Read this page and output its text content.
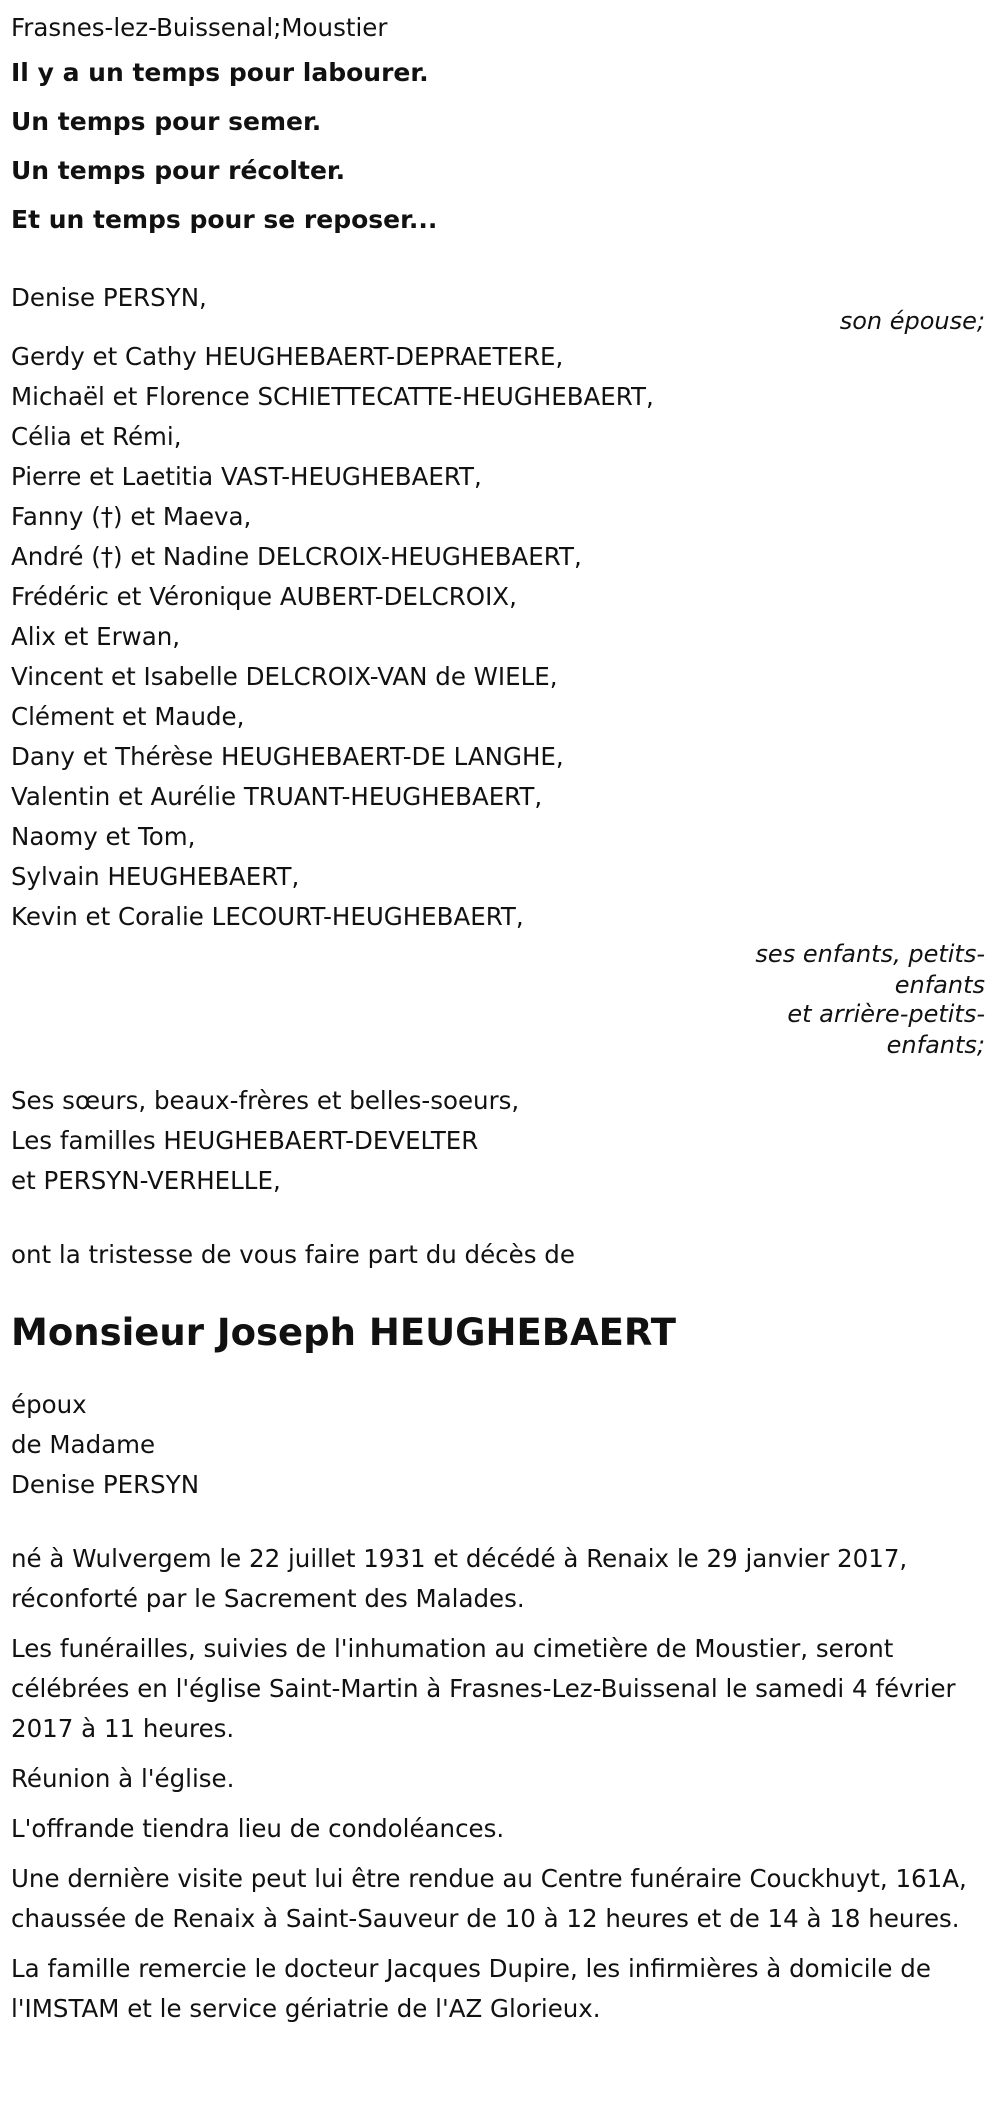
Frasnes-lez-Buissenal;Moustier
Il y a un temps pour labourer.
Un temps pour semer.
Un temps pour récolter.
Et un temps pour se reposer...
Denise PERSYN,
son épouse;
Gerdy et Cathy HEUGHEBAERT-DEPRAETERE,
Michaël et Florence SCHIETTECATTE-HEUGHEBAERT,
Célia et Rémi,
Pierre et Laetitia VAST-HEUGHEBAERT,
Fanny (†) et Maeva,
André (†) et Nadine DELCROIX-HEUGHEBAERT,
Frédéric et Véronique AUBERT-DELCROIX,
Alix et Erwan,
Vincent et Isabelle DELCROIX-VAN de WIELE,
Clément et Maude,
Dany et Thérèse HEUGHEBAERT-DE LANGHE,
Valentin et Aurélie TRUANT-HEUGHEBAERT,
Naomy et Tom,
Sylvain HEUGHEBAERT,
Kevin et Coralie LECOURT-HEUGHEBAERT,
ses enfants, petits-enfants
et arrière-petits-enfants;
Ses sœurs, beaux-frères et belles-soeurs,
Les familles HEUGHEBAERT-DEVELTER
et PERSYN-VERHELLE,
ont la tristesse de vous faire part du décès de
Monsieur Joseph HEUGHEBAERT
époux
de Madame
Denise PERSYN

né à Wulvergem le 22 juillet 1931 et décédé à Renaix le 29 janvier 2017, réconforté par le Sacrement des Malades.

Les funérailles, suivies de l'inhumation au cimetière de Moustier, seront célébrées en l'église Saint-Martin à Frasnes-Lez-Buissenal le samedi 4 février 2017 à 11 heures.

Réunion à l'église.

L'offrande tiendra lieu de condoléances.

Une dernière visite peut lui être rendue au Centre funéraire Couckhuyt, 161A, chaussée de Renaix à Saint-Sauveur de 10 à 12 heures et de 14 à 18 heures.

La famille remercie le docteur Jacques Dupire, les infirmières à domicile de l'IMSTAM et le service gériatrie de l'AZ Glorieux.
